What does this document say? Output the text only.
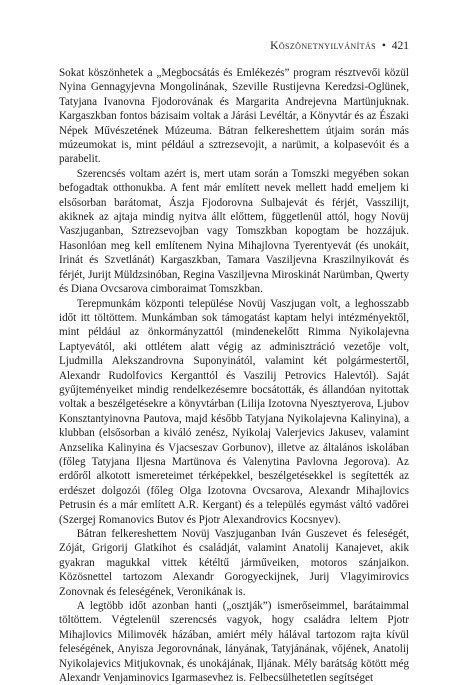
Köszönetnyilvánítás • 421

Sokat köszönhetek a „Megbocsátás és Emlékezés” program résztvevői közül Nyina Gennagyjevna Mongolinának, Szeville Rustijevna Keredzsi-Oglünek, Tatyjana Ivanovna Fjodorovának és Margarita Andrejevna Martünjuknak. Kargaszkban fontos bázisaim voltak a Járási Levéltár, a Könyvtár és az Északi Népek Művészetének Múzeuma. Bátran felkereshettem útjaim során más múzeumokat is, mint például a sztrezsevojit, a narümit, a kolpasevóit és a parabelit.

Szerencsés voltam azért is, mert utam során a Tomszki megyében sokan befogadtak otthonukba. A fent már említett nevek mellett hadd emeljem ki elsősorban barátomat, Ászja Fjodorovna Sulbajevát és férjét, Vasszilijt, akiknek az ajtaja mindig nyitva állt előttem, függetlenül attól, hogy Novüj Vaszjuganban, Sztrezsevojban vagy Tomszkban kopogtam be hozzájuk. Hasonlóan meg kell említenem Nyina Mihajlovna Tyerentyevát (és unokáit, Irinát és Szvetlánát) Kargaszkban, Tamara Vasziljevna Kraszilnyikovát és férjét, Jurijt Müldzsinóban, Regina Vasziljevna Miroskinát Narümban, Qwerty és Diana Ovcsarova cimboraimat Tomszkban.

Terepmunkám központi települése Novüj Vaszjugan volt, a leghosszabb időt itt töltöttem. Munkámban sok támogatást kaptam helyi intézményektől, mint például az önkormányzattól (mindenekelőtt Rimma Nyikolajevna Laptyevától, aki ottlétem alatt végig az adminisztráció vezetője volt, Ljudmilla Alekszandrovna Suponyinától, valamint két polgármestertől, Alexandr Rudolfovics Kerganttól és Vaszilij Petrovics Halevtól). Saját gyűjteményeiket mindig rendelkezésemre bocsátották, és állandóan nyitottak voltak a beszélgetésekre a könyvtárban (Lilija Izotovna Nyesztyerova, Ljubov Konsztantyinovna Pautova, majd később Tatyjana Nyikolajevna Kalinyina), a klubban (elsősorban a kiváló zenész, Nyikolaj Valerjevics Jakusev, valamint Anzselika Kalinyina és Vjacseszav Gorbunov), illetve az általános iskolában (főleg Tatyjana Iljesna Martünova és Valenytina Pavlovna Jegorova). Az erdőről alkotott ismereteimet térképekkel, beszélgetésekkel is segítették az erdészet dolgozói (főleg Olga Izotovna Ovcsarova, Alexandr Mihajlovics Petrusin és a már említett A.R. Kergant) és a település egymást váltó vadőrei (Szergej Romanovics Butov és Pjotr Alexandrovics Kocsnyev).

Bátran felkereshettem Novüj Vaszjuganban Iván Guszevet és feleségét, Zóját, Grigorij Glatkihot és családját, valamint Anatolij Kanajevet, akik gyakran magukkal vittek kétéltű járműveiken, motoros szánjaikon. Közösnettel tartozom Alexandr Gorogyeckijnek, Jurij Vlagyimirovics Zonovnak és feleségének, Veronikának is.

A legtöbb időt azonban hanti („osztják”) ismerőseimmel, barátaimmal töltöttem. Végtelenül szerencsés vagyok, hogy családra leltem Pjotr Mihajlovics Milimovék házában, amiért mély hálával tartozom rajta kívül feleségének, Anyisza Jegorovnának, lányának, Tatyjánának, vőjének, Anatolij Nyikolajevics Mitjukovnak, és unokájának, Iljának. Mély barátság kötött még Alexandr Venjaminovics Igarmasevhez is. Felbecsülhetetlen segítséget
